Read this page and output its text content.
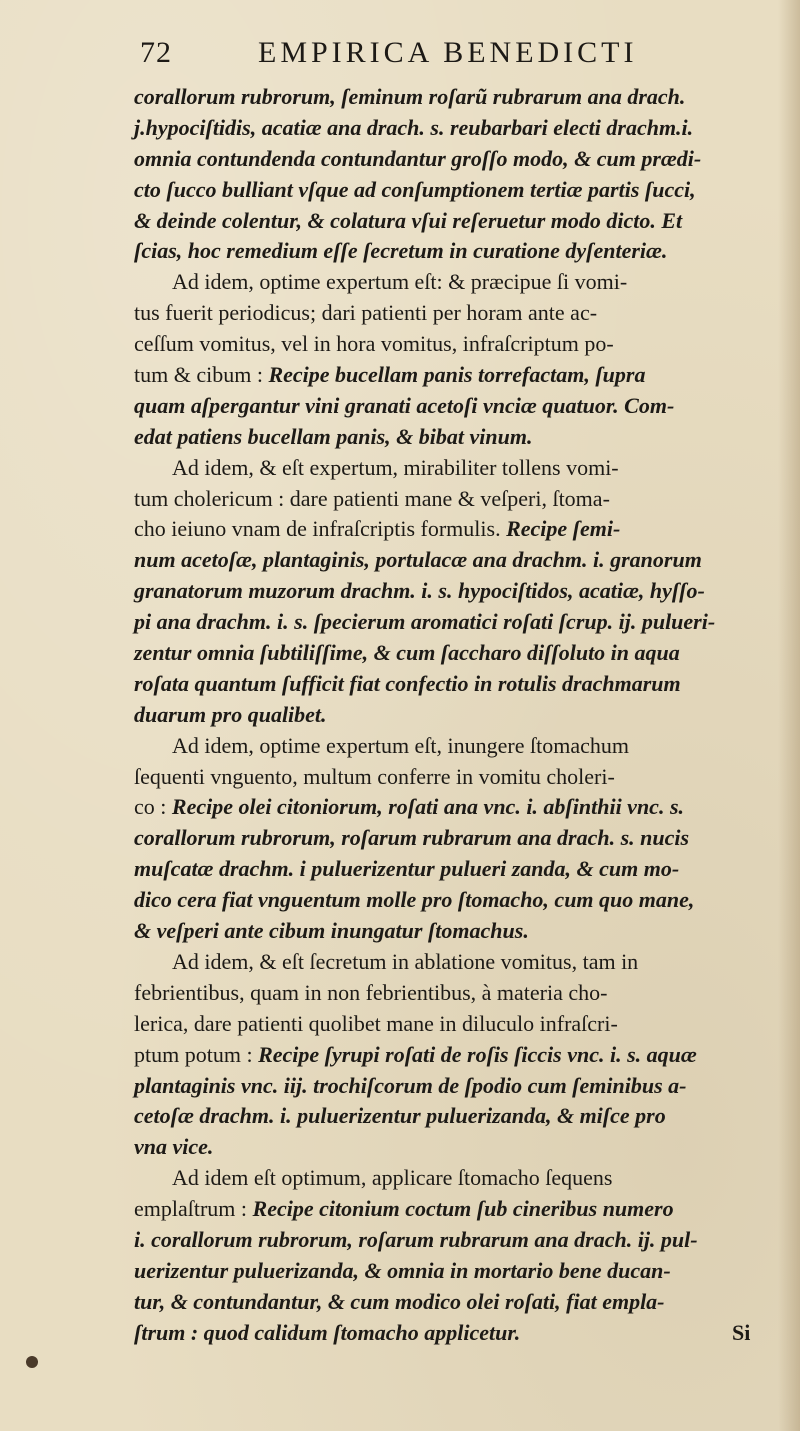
72	EMPIRICA BENEDICTI
corallorum rubrorum, ſeminum roſarũ rubrarum ana drach.
j.hypociſtidis, acatiæ ana drach. s. reubarbari electi drachm.i.
omnia contundenda contundantur groſſo modo, & cum prædi-
cto ſucco bulliant vſque ad conſumptionem tertiæ partis ſucci,
& deinde colentur, & colatura vſui reſeruetur modo dicto. Et
ſcias, hoc remedium eſſe ſecretum in curatione dyſenteriæ.
Ad idem, optime expertum eſt: & præcipue ſi vomi-
tus fuerit periodicus; dari patienti per horam ante ac-
ceſſum vomitus, vel in hora vomitus, infraſcriptum po-
tum & cibum : Recipe bucellam panis torrefactam, ſupra
quam aſpergantur vini granati acetoſi vnciæ quatuor. Com-
edat patiens bucellam panis, & bibat vinum.
Ad idem, & eſt expertum, mirabiliter tollens vomi-
tum cholericum : dare patienti mane & veſperi, ſtoma-
cho ieiuno vnam de infraſcriptis formulis. Recipe ſemi-
num acetoſæ, plantaginis, portulacæ ana drachm. i. granorum
granatorum muzorum drachm. i. s. hypociſtidos, acatiæ, hyſſo-
pi ana drachm. i. s. ſpecierum aromatici roſati ſcrup. ij. pulueri-
zentur omnia ſubtiliſſime, & cum ſaccharo diſſoluto in aqua
roſata quantum ſufficit fiat confectio in rotulis drachmarum
duarum pro qualibet.
Ad idem, optime expertum eſt, inungere ſtomachum
ſequenti vnguento, multum conferre in vomitu choleri-
co : Recipe olei citoniorum, roſati ana vnc. i. abſinthii vnc. s.
corallorum rubrorum, roſarum rubrarum ana drach. s. nucis
muſcatæ drachm. i puluerizentur pulueri zanda, & cum mo-
dico cera fiat vnguentum molle pro ſtomacho, cum quo mane,
& veſperi ante cibum inungatur ſtomachus.
Ad idem, & eſt ſecretum in ablatione vomitus, tam in
febrientibus, quam in non febrientibus, à materia cho-
lerica, dare patienti quolibet mane in diluculo infraſcri-
ptum potum : Recipe ſyrupi roſati de roſis ſiccis vnc. i. s. aquæ
plantaginis vnc. iij. trochiſcorum de ſpodio cum ſeminibus a-
cetoſæ drachm. i. puluerizentur puluerizanda, & miſce pro
vna vice.
Ad idem eſt optimum, applicare ſtomacho ſequens
emplaſtrum : Recipe citonium coctum ſub cineribus numero
i. corallorum rubrorum, roſarum rubrarum ana drach. ij. pul-
uerizentur puluerizanda, & omnia in mortario bene ducan-
tur, & contundantur, & cum modico olei roſati, fiat empla-
ſtrum : quod calidum ſtomacho applicetur.	Si
